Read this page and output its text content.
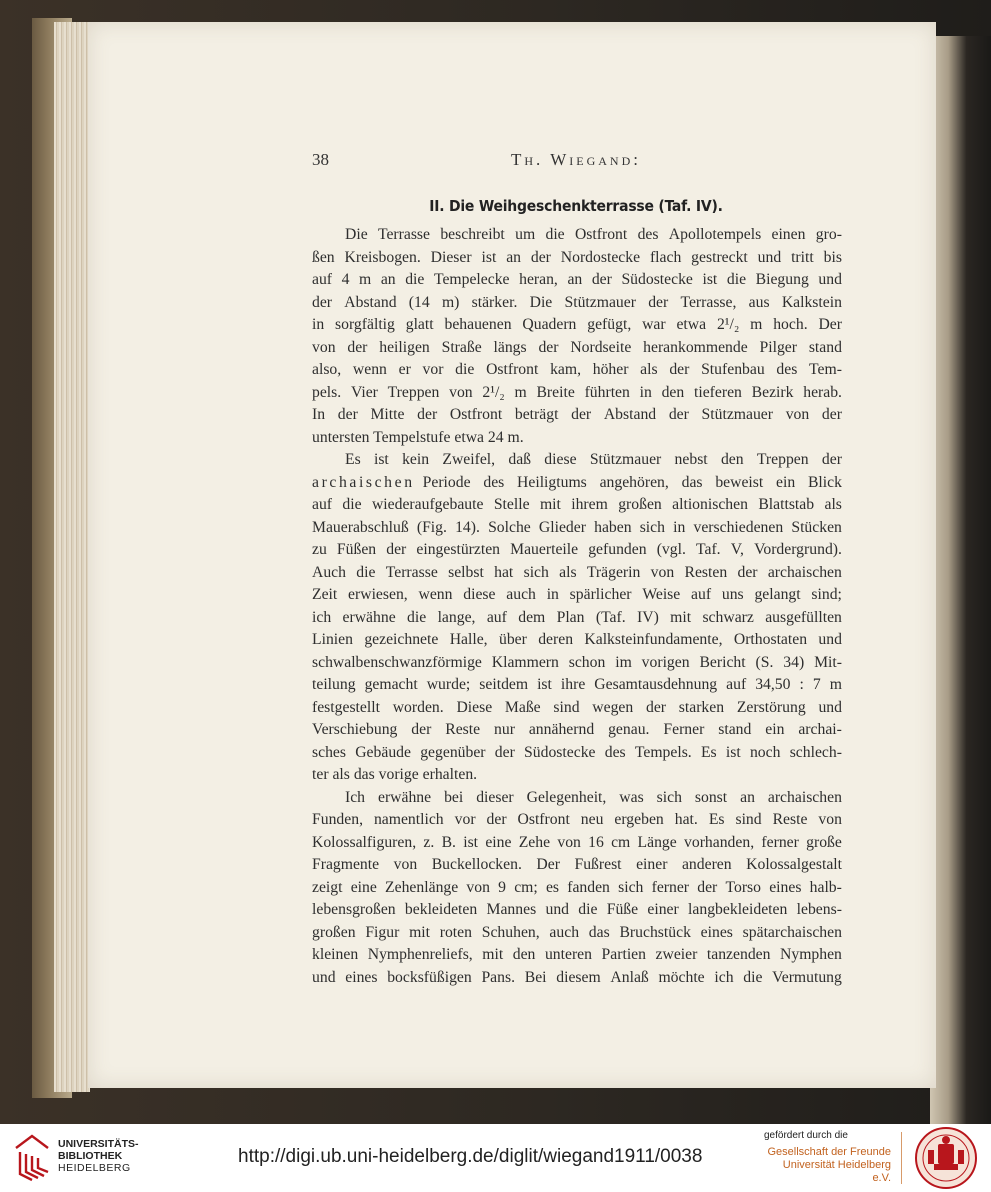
38	Th. Wiegand:
II. Die Weihgeschenkterrasse (Taf. IV).
Die Terrasse beschreibt um die Ostfront des Apollotempels einen gro-
ßen Kreisbogen. Dieser ist an der Nordostecke flach gestreckt und tritt bis
auf 4 m an die Tempelecke heran, an der Südostecke ist die Biegung und
der Abstand (14 m) stärker. Die Stützmauer der Terrasse, aus Kalkstein
in sorgfältig glatt behauenen Quadern gefügt, war etwa 2¹/₂ m hoch. Der
von der heiligen Straße längs der Nordseite herankommende Pilger stand
also, wenn er vor die Ostfront kam, höher als der Stufenbau des Tem-
pels. Vier Treppen von 2¹/₂ m Breite führten in den tieferen Bezirk herab.
In der Mitte der Ostfront beträgt der Abstand der Stützmauer von der
untersten Tempelstufe etwa 24 m.
Es ist kein Zweifel, daß diese Stützmauer nebst den Treppen der
archaischen Periode des Heiligtums angehören, das beweist ein Blick
auf die wiederaufgebaute Stelle mit ihrem großen altionischen Blattstab als
Mauerabschluß (Fig. 14). Solche Glieder haben sich in verschiedenen Stücken
zu Füßen der eingestürzten Mauerteile gefunden (vgl. Taf. V, Vordergrund).
Auch die Terrasse selbst hat sich als Trägerin von Resten der archaischen
Zeit erwiesen, wenn diese auch in spärlicher Weise auf uns gelangt sind;
ich erwähne die lange, auf dem Plan (Taf. IV) mit schwarz ausgefüllten
Linien gezeichnete Halle, über deren Kalksteinfundamente, Orthostaten und
schwalbenschwanzförmige Klammern schon im vorigen Bericht (S. 34) Mit-
teilung gemacht wurde; seitdem ist ihre Gesamtausdehnung auf 34,50 : 7 m
festgestellt worden. Diese Maße sind wegen der starken Zerstörung und
Verschiebung der Reste nur annähernd genau. Ferner stand ein archai-
sches Gebäude gegenüber der Südostecke des Tempels. Es ist noch schlech-
ter als das vorige erhalten.
Ich erwähne bei dieser Gelegenheit, was sich sonst an archaischen
Funden, namentlich vor der Ostfront neu ergeben hat. Es sind Reste von
Kolossalfiguren, z. B. ist eine Zehe von 16 cm Länge vorhanden, ferner große
Fragmente von Buckellocken. Der Fußrest einer anderen Kolossalgestalt
zeigt eine Zehenlänge von 9 cm; es fanden sich ferner der Torso eines halb-
lebensgroßen bekleideten Mannes und die Füße einer langbekleideten lebens-
großen Figur mit roten Schuhen, auch das Bruchstück eines spätarchaischen
kleinen Nymphenreliefs, mit den unteren Partien zweier tanzenden Nymphen
und eines bocksfüßigen Pans. Bei diesem Anlaß möchte ich die Vermutung
UNIVERSITÄTS-
BIBLIOTHEK
HEIDELBERG
http://digi.ub.uni-heidelberg.de/diglit/wiegand1911/0038
gefördert durch die
Gesellschaft der Freunde
Universität Heidelberg e.V.
